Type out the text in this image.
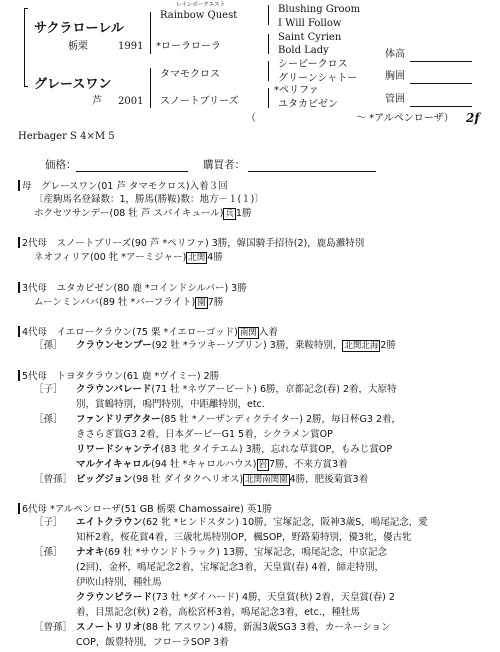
サクラローレル
栃栗	1991
グレースワン
芦 2001
レインボークエスト
Rainbow Quest
*ローラローラ
タマモクロス
スノートブリーズ
Blushing Groom
I Will Follow
Saint Cyrien
Bold Lady
シービークロス
グリーンシャトー
*ペリファ
ユタカビゼン
体高
胸囲
管囲
（　　　　　　　　　　～ *アルペンローザ） 2f
Herbager S 4×M 5
価格：	購買者：
母　グレースワン(01 芦 タマモクロス)入着３回
〔産駒馬名登録数：1，勝馬(勝鞍)数：地方－１(１)〕
ホクセツサンデー(08 牡 芦 スパイキュール) 兵 1勝
2代母　スノートブリーズ(90 芦 *ペリファ) 3勝，韓国騎手招待(2)，鹿島灘特別
ネオフィリア(00 牝 *アーミジャー) 北関 4勝
3代母　ユタカビゼン(80 鹿 *コインドシルバー) 3勝
ムーンミンババ(89 牡 *バーフライト) 園 7勝
4代母　イエロークラウン(75 栗 *イエローゴッド) 南関 入着
［孫］ クラウンセンプー(92 牡 *ラツキーソブリン) 3勝，乗鞍特別， 北関北海 2勝
5代母　トヨタクラウン(61 鹿 *ヴイミー) 2勝
［子］ クラウンパレード(71 牡 *ネヴアービート) 6勝，京都記念(春) 2着，大原特
別，賞鶴特別，鳴門特別，中距離特別，etc.
［孫］ ファンドリデクター(85 牡 *ノーザンディクテイター) 2勝，毎日杯G3 2着，
きさらぎ賞G3 2着，日本ダービーG1 5着，シクラメン賞OP
リワードシャンテイ(83 牝 タイテエム) 3勝，忘れな草賞OP，もみじ賞OP
マルケイキャロル(94 牡 *キャロルハウス) 岩 7勝，不来方賞3着
［曾孫］ ビッグジョン(98 牡 ダイタクヘリオス) 北関南関園 4勝，肥後菊賞3着
6代母 *アルペンローザ(51 GB 栃栗 Chamossaire) 英1勝
［子］ エイトクラウン(62 牝 *ヒンドスタン) 10勝，宝塚記念，阪神3歳S，鳴尾記念，愛
知杯2着，桜花賞4着，三歳牝馬特別OP，楓SOP，野路菊特別，優3牝，優古牝
［孫］ ナオキ(69 牡 *サウンドトラック) 13勝，宝塚記念，鳴尾記念，中京記念
(2回)，金杯，鳴尾記念2着，宝塚記念3着，天皇賞(春) 4着，師走特別，
伊吹山特別，種牡馬
クラウンピラード(73 牡 *ダイハード) 4勝，天皇賞(秋) 2着，天皇賞(春) 2
着，目黒記念(秋) 2着，高松宮杯3着，鳴尾記念3着，etc.，種牡馬
［曾孫］ スノートリリオ(88 牝 アスワン) 4勝，新潟3歳SG3 3着，カーネーション
COP，飯豊特別，フローラSOP 3着
